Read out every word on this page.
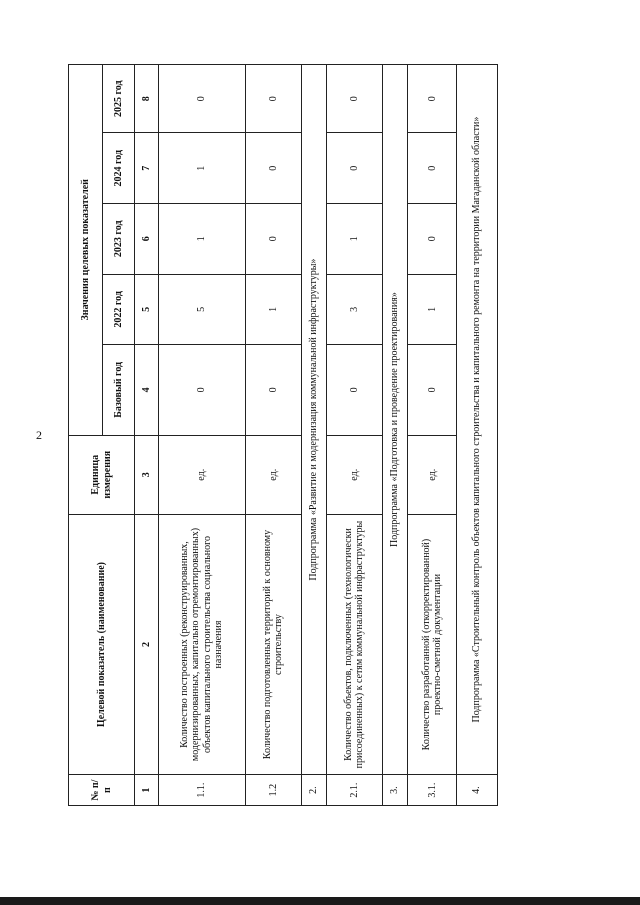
2
№ п/п	Целевой показатель (наименование)	Единица измерения	Значения целевых показателей				
			Базовый год	2022 год	2023 год	2024 год	2025 год
1	2	3	4	5	6	7	8
1.1.	Количество построенных (реконструированных, модернизированных, капитально отремонтированных) объектов капитального строительства социального назначения	ед.	0	5	1	1	0
1.2	Количество подготовленных территорий к основному строительству	ед.	0	1	0	0	0
2.	Подпрограмма «Развитие и модернизация коммунальной инфраструктуры»						
2.1.	Количество объектов, подключенных (технологически присоединенных) к сетям коммунальной инфраструктуры	ед.	0	3	1	0	0
3.	Подпрограмма «Подготовка и проведение проектирования»						
3.1.	Количество разработанной (откорректированной) проектно-сметной документации	ед.	0	1	0	0	0
4.	Подпрограмма «Строительный контроль объектов капитального строительства и капитального ремонта на территории Магаданской области»						
